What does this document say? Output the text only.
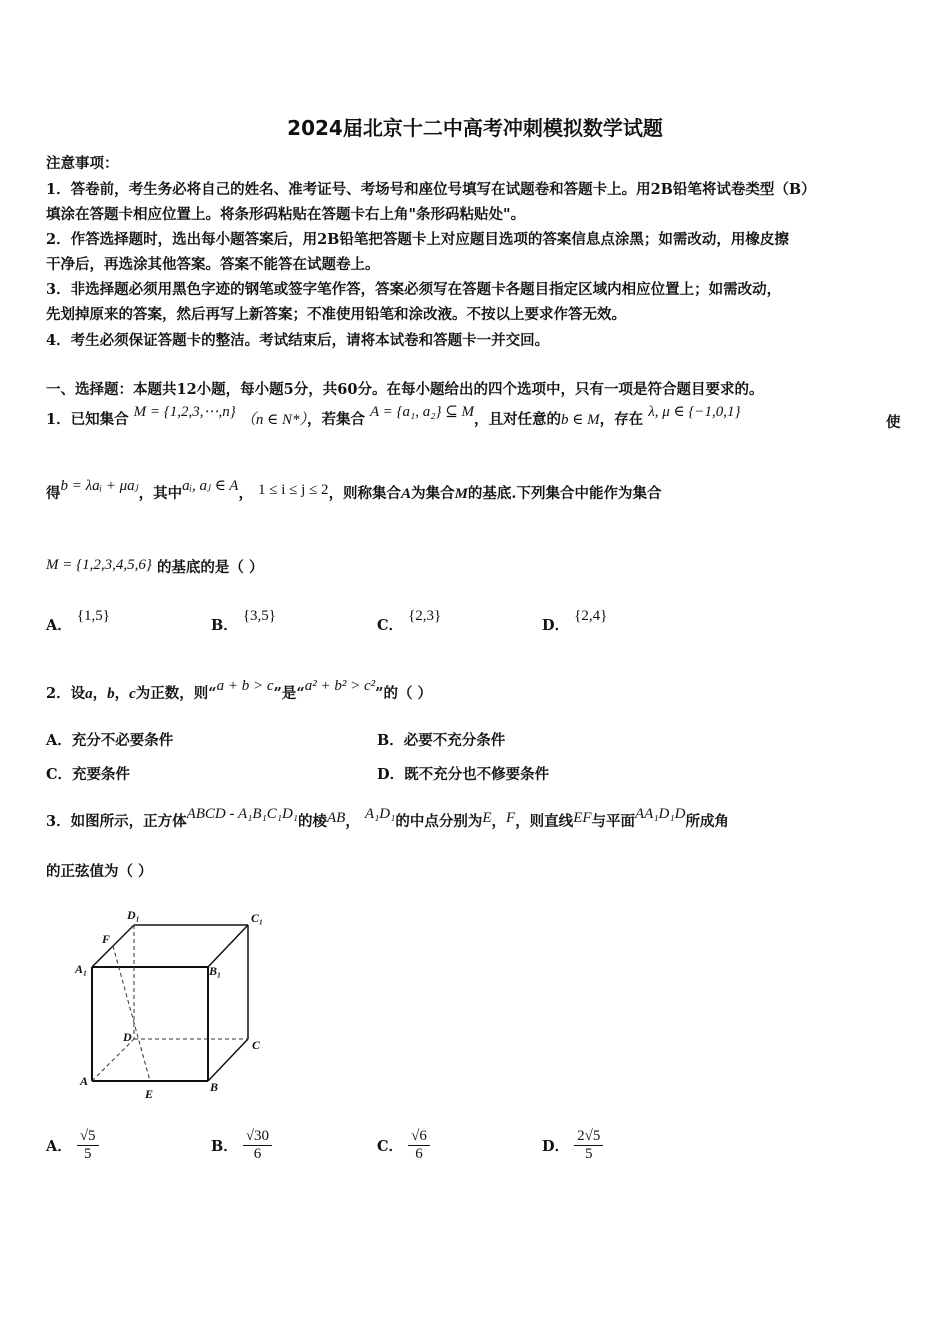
2024届北京十二中高考冲刺模拟数学试题
注意事项：
1．答卷前，考生务必将自己的姓名、准考证号、考场号和座位号填写在试题卷和答题卡上。用2B铅笔将试卷类型（B）
填涂在答题卡相应位置上。将条形码粘贴在答题卡右上角"条形码粘贴处"。
2．作答选择题时，选出每小题答案后，用2B铅笔把答题卡上对应题目选项的答案信息点涂黑；如需改动，用橡皮擦
干净后，再选涂其他答案。答案不能答在试题卷上。
3．非选择题必须用黑色字迹的钢笔或签字笔作答，答案必须写在答题卡各题目指定区域内相应位置上；如需改动，
先划掉原来的答案，然后再写上新答案；不准使用铅笔和涂改液。不按以上要求作答无效。
4．考生必须保证答题卡的整洁。考试结束后，请将本试卷和答题卡一并交回。
一、选择题：本题共12小题，每小题5分，共60分。在每小题给出的四个选项中，只有一项是符合题目要求的。
1．已知集合 M = {1,2,3,⋯,n} （n ∈ N*），若集合 A = {a₁, a₂} ⊆ M，且对任意的b ∈ M，存在 λ, μ ∈ {−1,0,1}
使
得b = λaᵢ + μaⱼ，其中aᵢ, aⱼ ∈ A， 1 ≤ i ≤ j ≤ 2，则称集合A为集合M的基底.下列集合中能作为集合
M = {1,2,3,4,5,6} 的基底的是（ ）
A． {1,5}
B． {3,5}
C． {2,3}
D． {2,4}
2．设a，b，c为正数，则“a + b > c”是“a² + b² > c²”的（ ）
A．充分不必要条件	B．必要不充分条件
C．充要条件	D．既不充分也不修要条件
3．如图所示，正方体ABCD - A₁B₁C₁D₁的棱AB， A₁D₁的中点分别为E，F，则直线EF与平面AA₁D₁D所成角
的正弦值为（ ）
D₁	C₁
F
A₁	B₁
D
C
A
E	B
A． $\frac{√5}{5}$	B． $\frac{√30}{6}$	C． $\frac{√6}{6}$	D． $\frac{2√5}{5}$
